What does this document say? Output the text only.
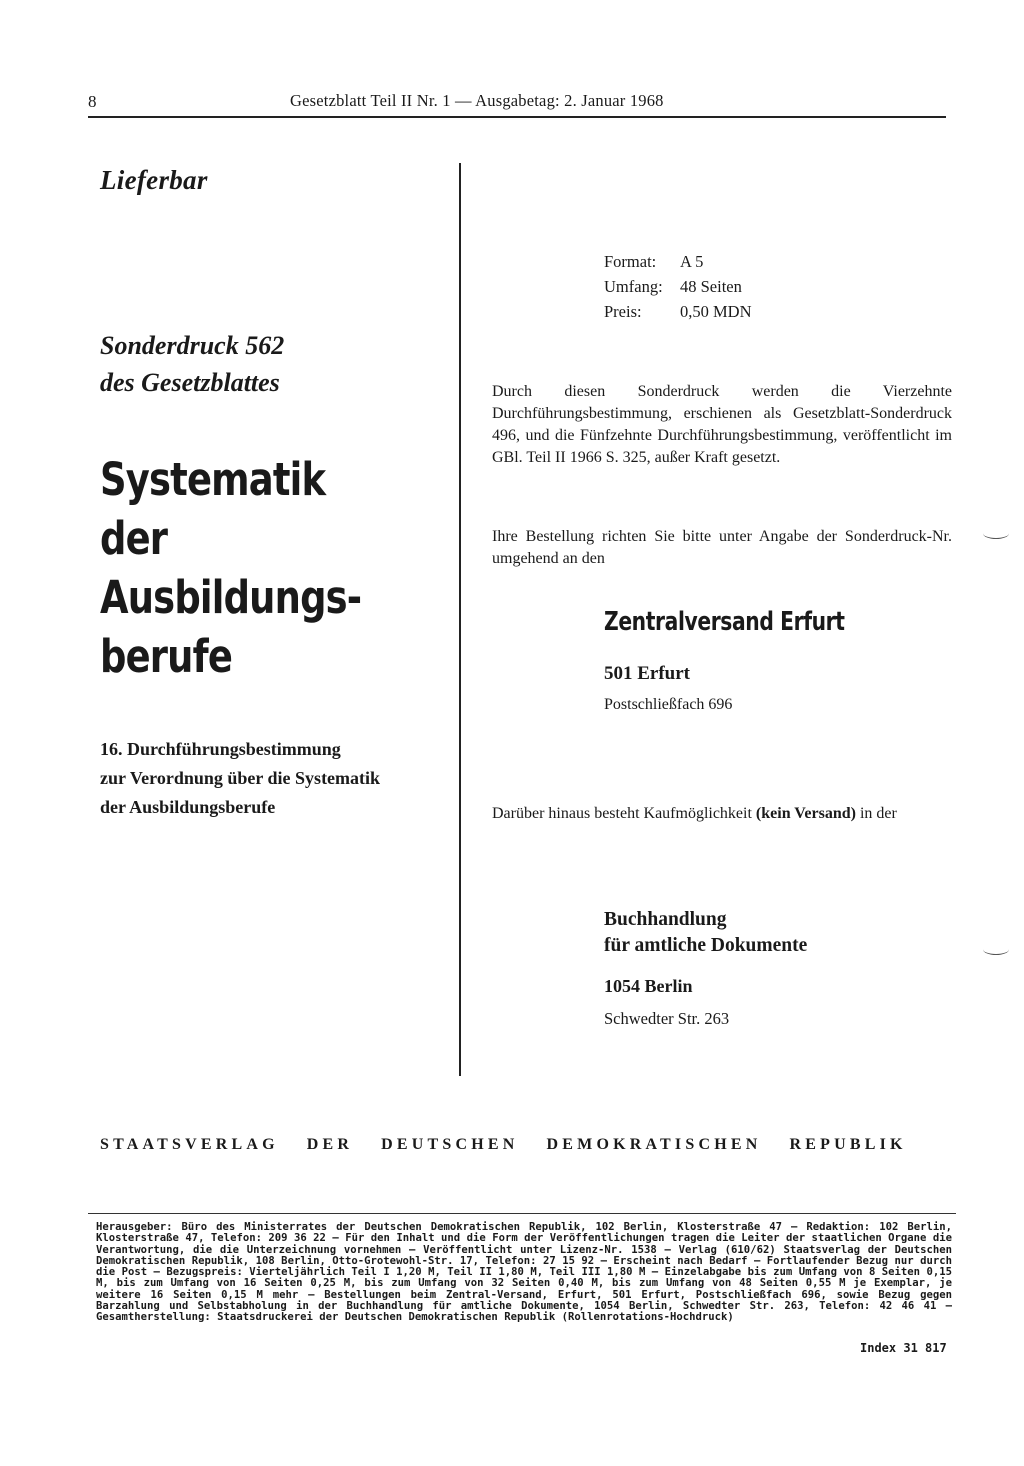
8	Gesetzblatt Teil II Nr. 1 — Ausgabetag: 2. Januar 1968
Lieferbar
Sonderdruck 562
des Gesetzblattes
Systematik
der
Ausbildungs-
berufe
16. Durchführungsbestimmung
zur Verordnung über die Systematik
der Ausbildungsberufe
Format:	A 5
Umfang:	48 Seiten
Preis:	0,50 MDN
Durch diesen Sonderdruck werden die Vierzehnte Durchführungsbestimmung, erschienen als Gesetzblatt-Sonderdruck 496, und die Fünfzehnte Durchführungsbestimmung, veröffentlicht im GBl. Teil II 1966 S. 325, außer Kraft gesetzt.
Ihre Bestellung richten Sie bitte unter Angabe der Sonderdruck-Nr. umgehend an den
Zentralversand Erfurt
501 Erfurt
Postschließfach 696
Darüber hinaus besteht Kaufmöglichkeit (kein Versand) in der
Buchhandlung
für amtliche Dokumente
1054 Berlin
Schwedter Str. 263
STAATSVERLAG DER DEUTSCHEN DEMOKRATISCHEN REPUBLIK
Herausgeber: Büro des Ministerrates der Deutschen Demokratischen Republik, 102 Berlin, Klosterstraße 47 — Redaktion: 102 Berlin, Klosterstraße 47, Telefon: 209 36 22 — Für den Inhalt und die Form der Veröffentlichungen tragen die Leiter der staatlichen Organe die Verantwortung, die die Unterzeichnung vornehmen — Veröffentlicht unter Lizenz-Nr. 1538 — Verlag (610/62) Staatsverlag der Deutschen Demokratischen Republik, 108 Berlin, Otto-Grotewohl-Str. 17, Telefon: 27 15 92 — Erscheint nach Bedarf — Fortlaufender Bezug nur durch die Post — Bezugspreis: Vierteljährlich Teil I 1,20 M, Teil II 1,80 M, Teil III 1,80 M — Einzelabgabe bis zum Umfang von 8 Seiten 0,15 M, bis zum Umfang von 16 Seiten 0,25 M, bis zum Umfang von 32 Seiten 0,40 M, bis zum Umfang von 48 Seiten 0,55 M je Exemplar, je weitere 16 Seiten 0,15 M mehr — Bestellungen beim Zentral-Versand, Erfurt, 501 Erfurt, Postschließfach 696, sowie Bezug gegen Barzahlung und Selbstabholung in der Buchhandlung für amtliche Dokumente, 1054 Berlin, Schwedter Str. 263, Telefon: 42 46 41 — Gesamtherstellung: Staatsdruckerei der Deutschen Demokratischen Republik (Rollenrotations-Hochdruck)
Index 31 817
